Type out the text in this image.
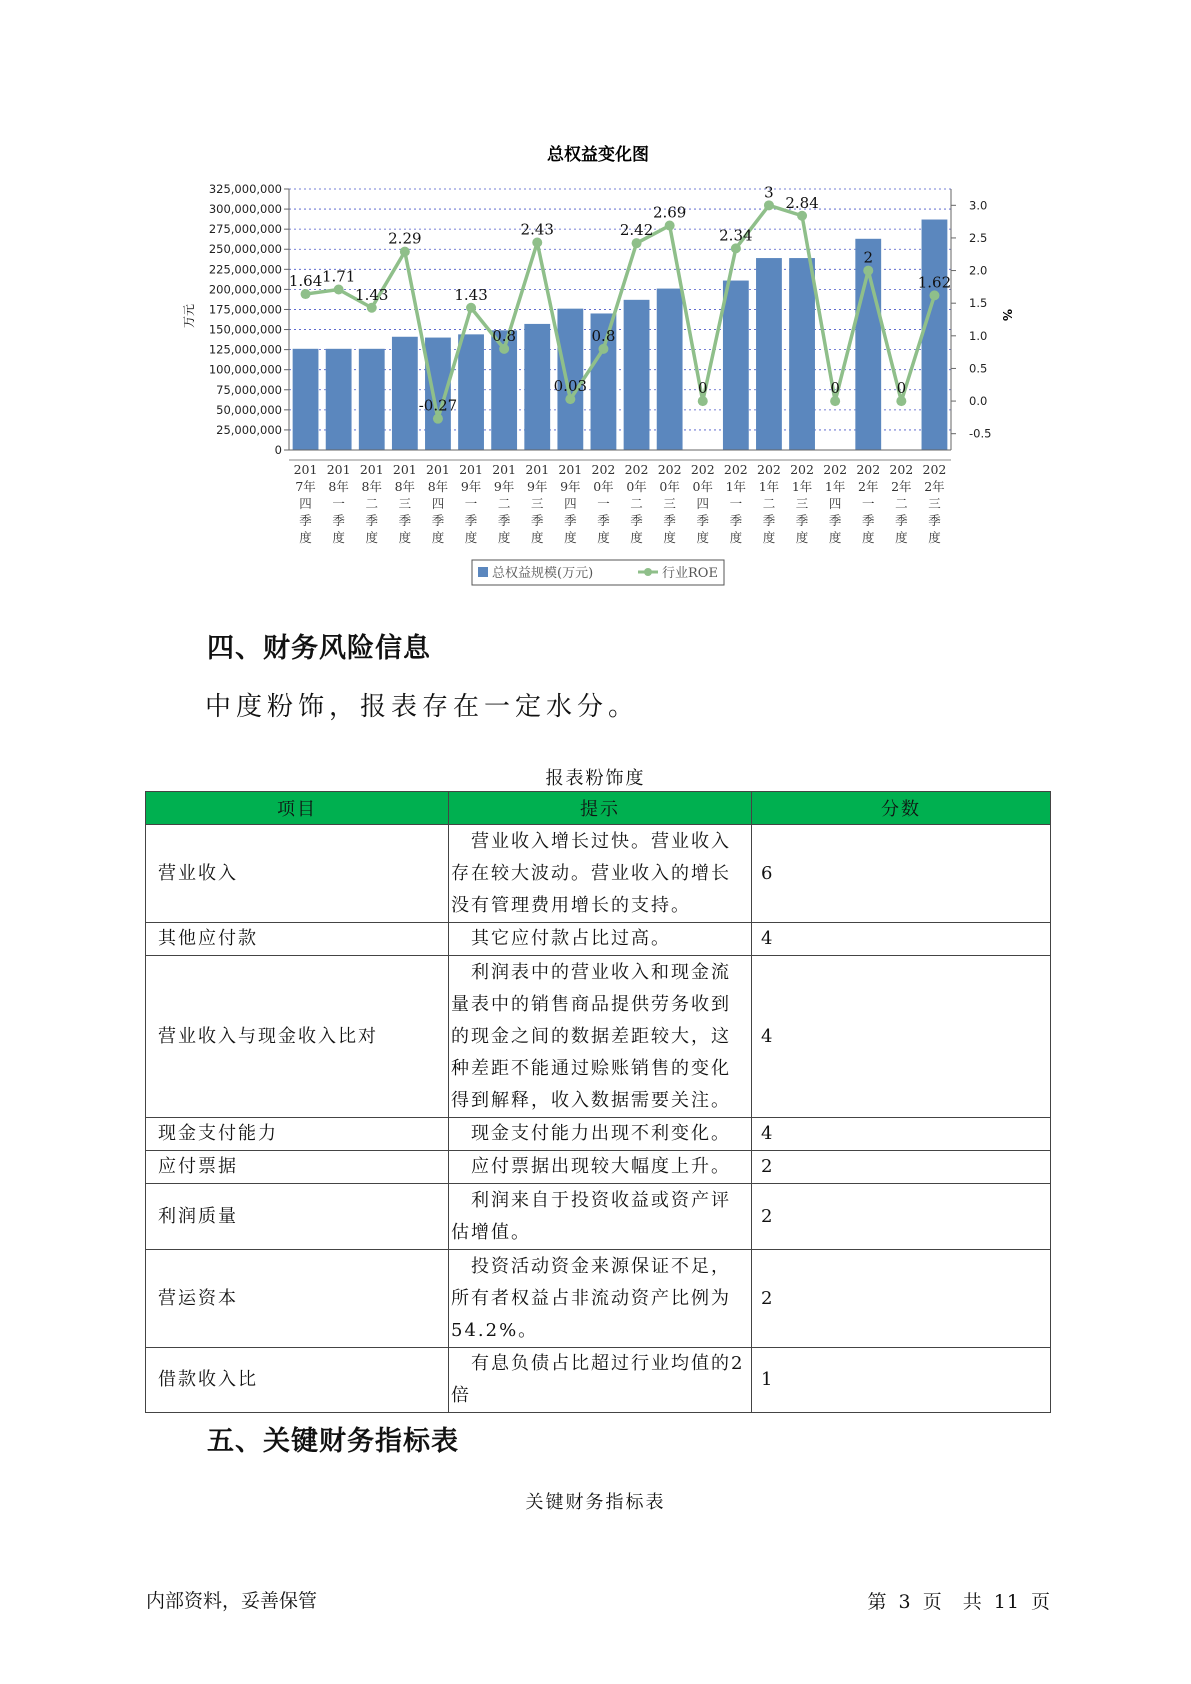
总权益变化图
0
25,000,000
50,000,000
75,000,000
100,000,000
125,000,000
150,000,000
175,000,000
200,000,000
225,000,000
250,000,000
275,000,000
300,000,000
325,000,000
-0.5
0.0
0.5
1.0
1.5
2.0
2.5
3.0
1.64 1.71
1.43
2.29
-0.27
1.43
0.8
2.43
0.03
0.8
2.42
2.69
0
2.34
3
2.84
0
2
0
1.62
201
7年
四
季
度
201
8年
一
季
度
201
8年
二
季
度
201
8年
三
季
度
201
8年
四
季
度
201
9年
一
季
度
201
9年
二
季
度
201
9年
三
季
度
201
9年
四
季
度
202
0年
一
季
度
202
0年
二
季
度
202
0年
三
季
度
202
0年
四
季
度
202
1年
一
季
度
202
1年
二
季
度
202
1年
三
季
度
202
1年
四
季
度
202
2年
一
季
度
202
2年
二
季
度
202
2年
三
季
度
万元	%
总权益规模(万元)	行业ROE
四、财务风险信息
中度粉饰，报表存在一定水分。
报表粉饰度
项目	提示	分数
营业收入	　营业收入增长过快。营业收入存在较大波动。营业收入的增长没有管理费用增长的支持。	6
其他应付款	　其它应付款占比过高。	4
营业收入与现金收入比对	　利润表中的营业收入和现金流量表中的销售商品提供劳务收到的现金之间的数据差距较大，这种差距不能通过赊账销售的变化得到解释，收入数据需要关注。	4
现金支付能力	　现金支付能力出现不利变化。	4
应付票据	　应付票据出现较大幅度上升。	2
利润质量	　利润来自于投资收益或资产评估增值。	2
营运资本	　投资活动资金来源保证不足，所有者权益占非流动资产比例为54.2%。	2
借款收入比	　有息负债占比超过行业均值的2倍	1
五、关键财务指标表
关键财务指标表
内部资料，妥善保管	第 3 页　共 11 页
